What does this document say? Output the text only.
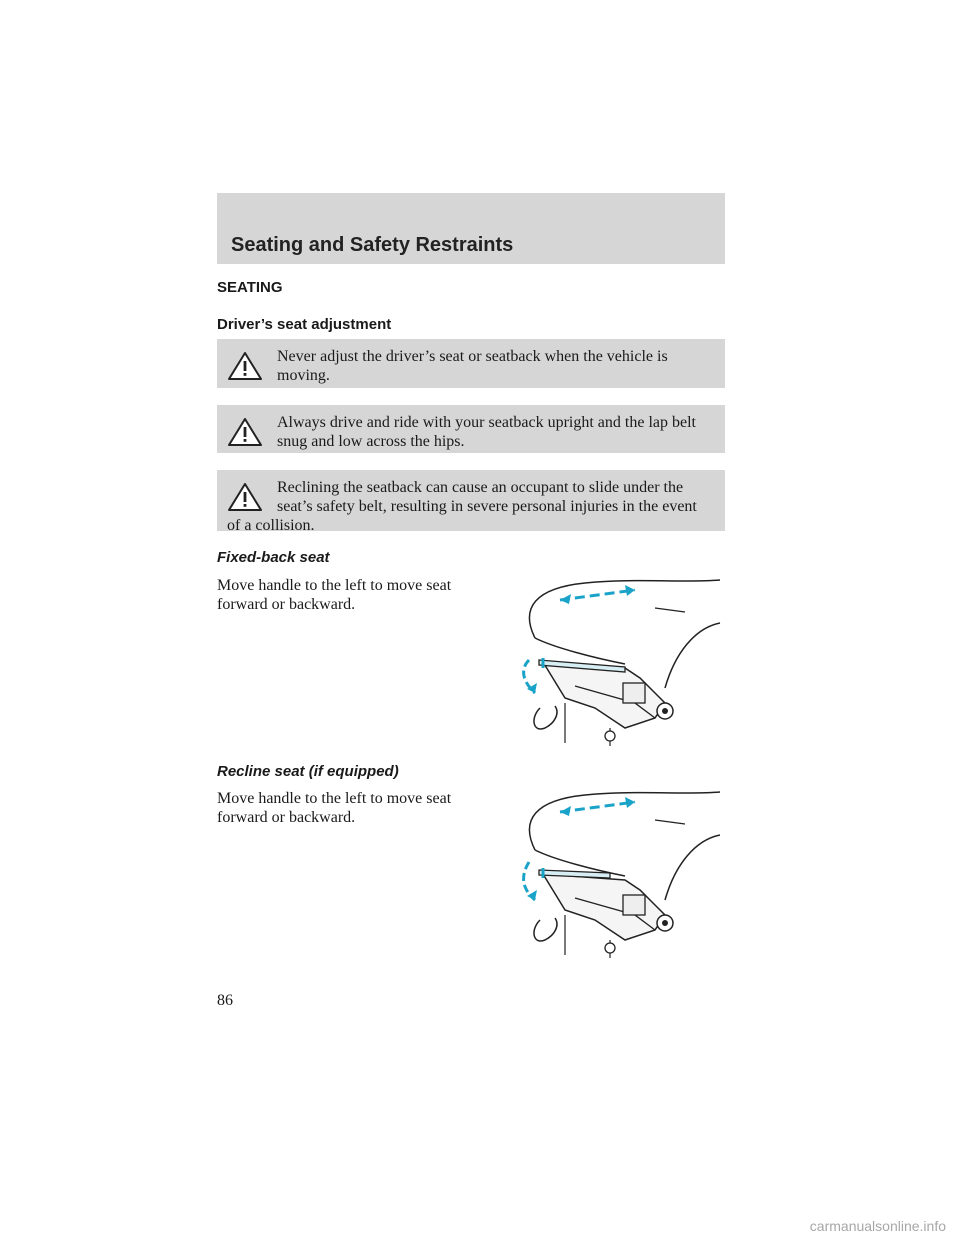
Seating and Safety Restraints
SEATING
Driver’s seat adjustment
Never adjust the driver’s seat or seatback when the vehicle is moving.
Always drive and ride with your seatback upright and the lap belt snug and low across the hips.
Reclining the seatback can cause an occupant to slide under the seat’s safety belt, resulting in severe personal injuries in the event of a collision.
Fixed-back seat
Move handle to the left to move seat forward or backward.
Recline seat (if equipped)
Move handle to the left to move seat forward or backward.
86
carmanualsonline.info
